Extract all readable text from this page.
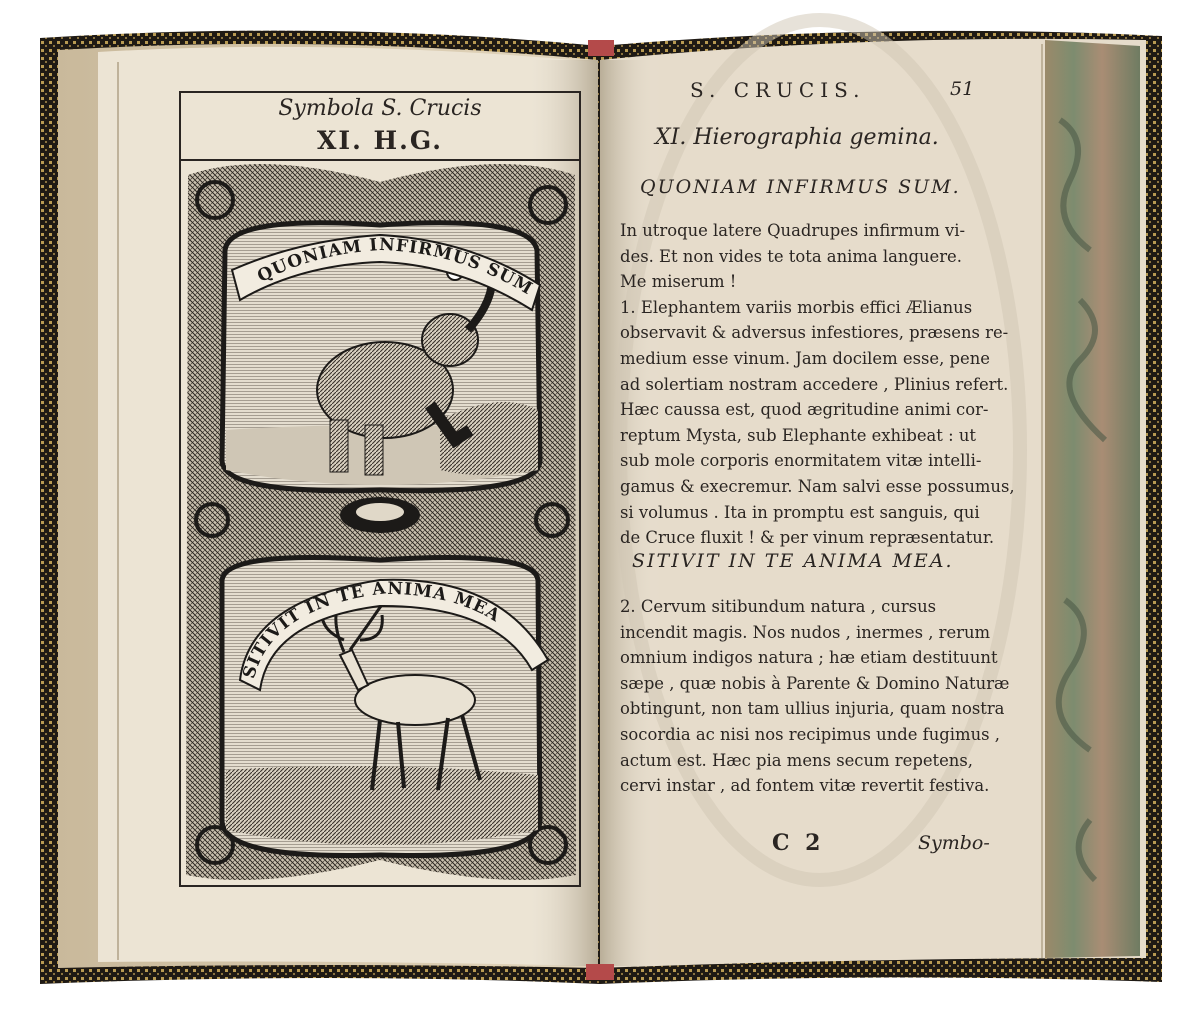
QUONIAM INFIRMUS SUM
SITIVIT IN TE ANIMA MEA
Symbola S. Crucis
XI. H.G.
S. CRUCIS.	51
XI. Hierographia gemina.
QUONIAM INFIRMUS SUM.
In utroque latere Quadrupes infirmum vi-
des. Et non vides te tota anima languere.
Me miserum !
1. Elephantem variis morbis effici Ælianus
observavit & adversus infestiores, præsens re-
medium esse vinum. Jam docilem esse, pene
ad solertiam nostram accedere , Plinius refert.
Hæc caussa est, quod ægritudine animi cor-
reptum Mysta, sub Elephante exhibeat : ut
sub mole corporis enormitatem vitæ intelli-
gamus & execremur. Nam salvi esse possumus,
si volumus . Ita in promptu est sanguis, qui
de Cruce fluxit ! & per vinum repræsentatur.
SITIVIT IN TE ANIMA MEA.
2. Cervum sitibundum natura , cursus
incendit magis. Nos nudos , inermes , rerum
omnium indigos natura ; hæ etiam destituunt
sæpe , quæ nobis à Parente & Domino Naturæ
obtingunt, non tam ullius injuria, quam nostra
socordia ac nisi nos recipimus unde fugimus ,
actum est. Hæc pia mens secum repetens,
cervi instar , ad fontem vitæ revertit festiva.
C 2	Symbo-
